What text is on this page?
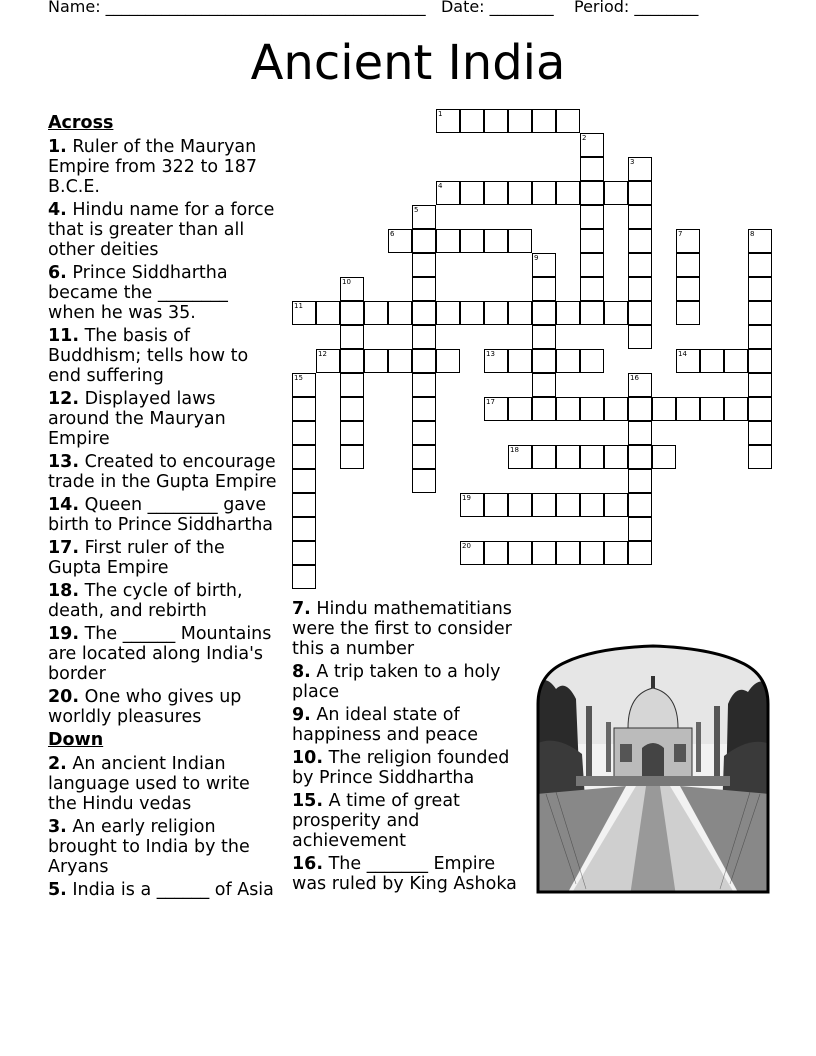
Name: ________________________________________   Date: ________    Period: ________
Ancient India
Across
1. Ruler of the Mauryan Empire from 322 to 187 B.C.E.
4. Hindu name for a force that is greater than all other deities
6. Prince Siddhartha became the ________ when he was 35.
11. The basis of Buddhism; tells how to end suffering
12. Displayed laws around the Mauryan Empire
13. Created to encourage trade in the Gupta Empire
14. Queen ________ gave birth to Prince Siddhartha
17. First ruler of the Gupta Empire
18. The cycle of birth, death, and rebirth
19. The ______ Mountains are located along India's border
20. One who gives up worldly pleasures
Down
2. An ancient Indian language used to write the Hindu vedas
3. An early religion brought to India by the Aryans
5. India is a ______ of Asia
7. Hindu mathematitians were the first to consider this a number
8. A trip taken to a holy place
9. An ideal state of happiness and peace
10. The religion founded by Prince Siddhartha
15. A time of great prosperity and achievement
16. The _______ Empire was ruled by King Ashoka
1
2
3
4
5
6	7	8
9
10
11
12	13	14
15	16
17
18
19
20
